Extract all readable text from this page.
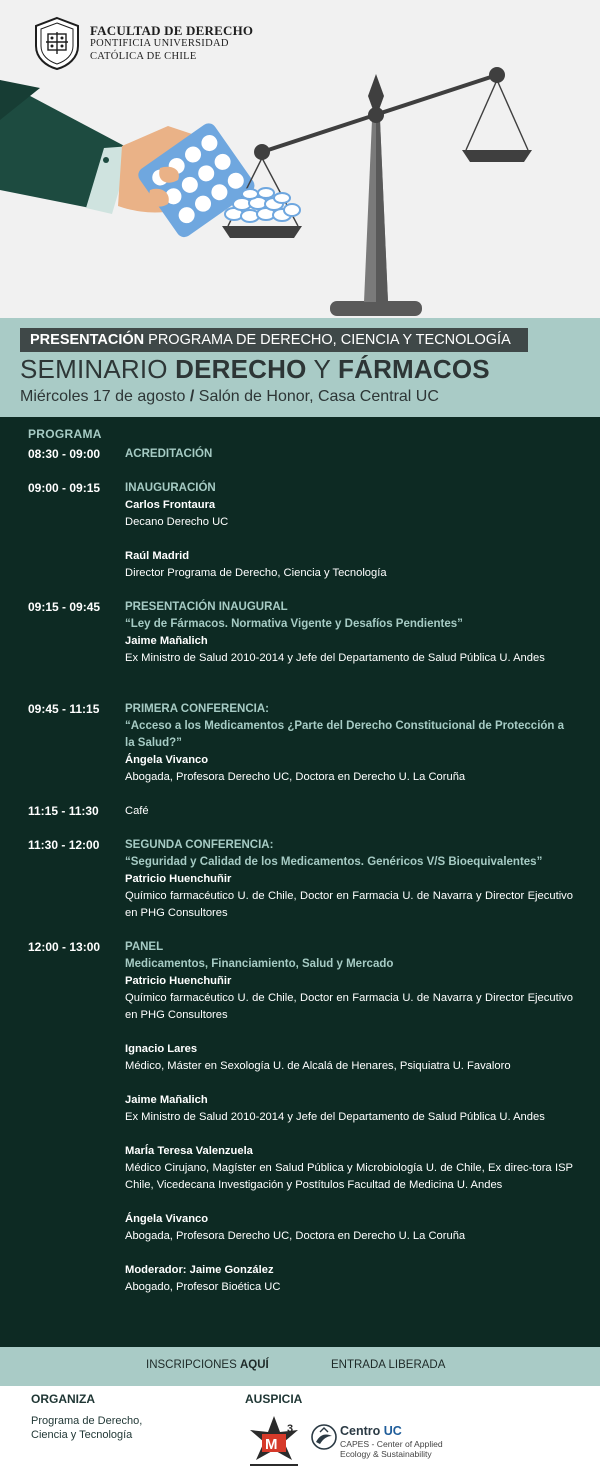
FACULTAD DE DERECHO
PONTIFICIA UNIVERSIDAD
CATÓLICA DE CHILE
PRESENTACIÓN PROGRAMA DE DERECHO, CIENCIA Y TECNOLOGÍA
SEMINARIO DERECHO Y FÁRMACOS
Miércoles 17 de agosto / Salón de Honor, Casa Central UC
PROGRAMA
08:30 - 09:00 ACREDITACIÓN
09:00 - 09:15 INAUGURACIÓN
Carlos Frontaura
Decano Derecho UC
Raúl Madrid
Director Programa de Derecho, Ciencia y Tecnología
09:15 - 09:45 PRESENTACIÓN INAUGURAL
“Ley de Fármacos. Normativa Vigente y Desafíos Pendientes”
Jaime Mañalich
Ex Ministro de Salud 2010-2014 y Jefe del Departamento de Salud Pública U. Andes
09:45 - 11:15 PRIMERA CONFERENCIA:
“Acceso a los Medicamentos ¿Parte del Derecho Constitucional de Protección a la Salud?”
Ángela Vivanco
Abogada, Profesora Derecho UC, Doctora en Derecho U. La Coruña
11:15 - 11:30 Café
11:30 - 12:00 SEGUNDA CONFERENCIA:
“Seguridad y Calidad de los Medicamentos. Genéricos V/S Bioequivalentes”
Patricio Huenchuñir
Químico farmacéutico U. de Chile, Doctor en Farmacia U. de Navarra y Director Ejecutivo en PHG Consultores
12:00 - 13:00 PANEL
Medicamentos, Financiamiento, Salud y Mercado
Patricio Huenchuñir
Químico farmacéutico U. de Chile, Doctor en Farmacia U. de Navarra y Director Ejecutivo en PHG Consultores
Ignacio Lares
Médico, Máster en Sexología U. de Alcalá de Henares, Psiquiatra U. Favaloro
Jaime Mañalich
Ex Ministro de Salud 2010-2014 y Jefe del Departamento de Salud Pública U. Andes
MarÍa Teresa Valenzuela
Médico Cirujano, Magíster en Salud Pública y Microbiología U. de Chile, Ex direc-tora ISP Chile, Vicedecana Investigación y Postítulos Facultad de Medicina U. Andes
Ángela Vivanco
Abogada, Profesora Derecho UC, Doctora en Derecho U. La Coruña
Moderador: Jaime González
Abogado, Profesor Bioética UC
INSCRIPCIONES AQUÍ	ENTRADA LIBERADA
ORGANIZA
Programa de Derecho,
Ciencia y Tecnología
AUSPICIA
M
3	Centro UC
CAPES - Center of Applied
Ecology & Sustainability
